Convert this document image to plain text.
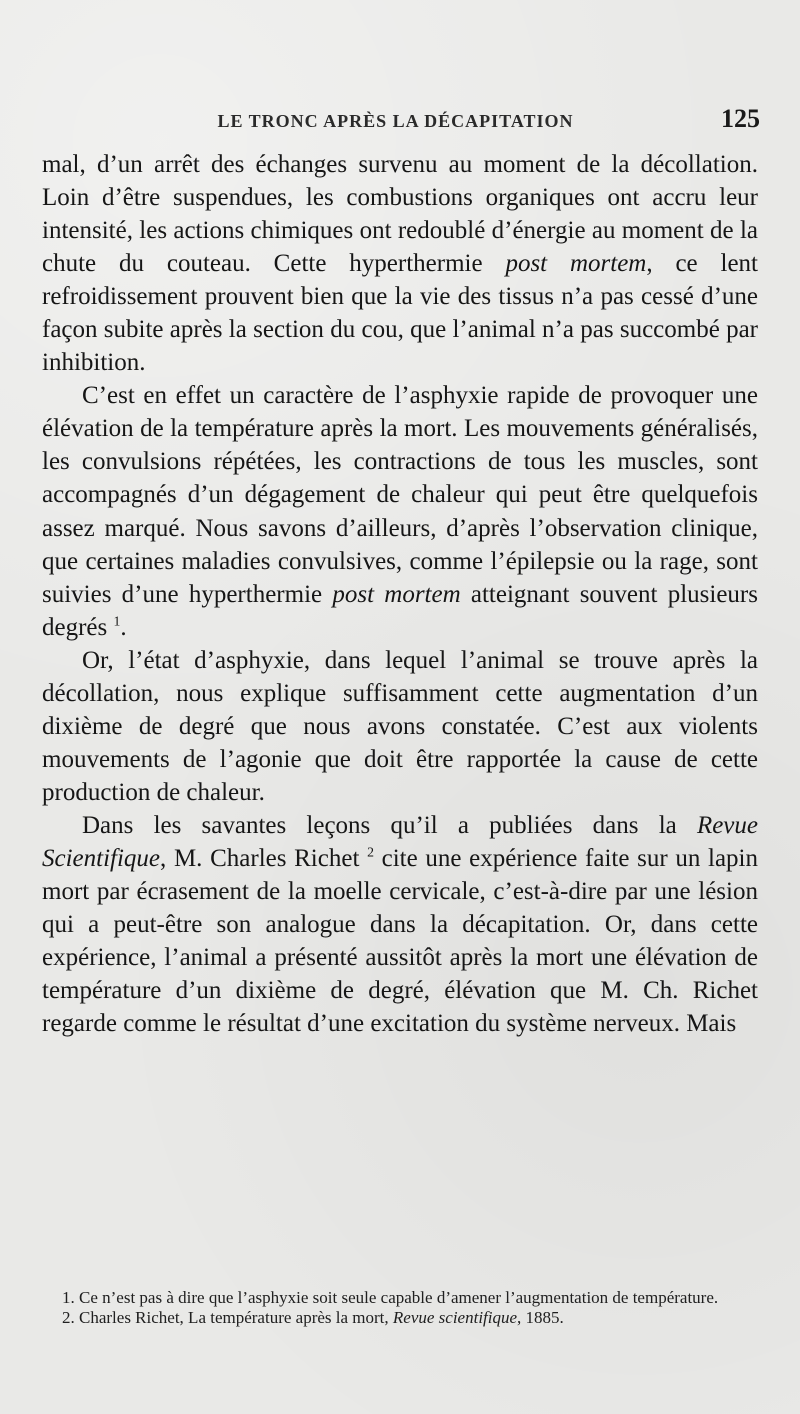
LE TRONC APRÈS LA DÉCAPITATION	125

mal, d’un arrêt des échanges survenu au moment de la décollation. Loin d’être suspendues, les combustions organiques ont accru leur intensité, les actions chimiques ont redoublé d’énergie au moment de la chute du couteau. Cette hyperthermie post mortem, ce lent refroidissement prouvent bien que la vie des tissus n’a pas cessé d’une façon subite après la section du cou, que l’animal n’a pas succombé par inhibition.

C’est en effet un caractère de l’asphyxie rapide de provoquer une élévation de la température après la mort. Les mouvements généralisés, les convulsions répétées, les contractions de tous les muscles, sont accompagnés d’un dégagement de chaleur qui peut être quelquefois assez marqué. Nous savons d’ailleurs, d’après l’observation clinique, que certaines maladies convulsives, comme l’épilepsie ou la rage, sont suivies d’une hyperthermie post mortem atteignant souvent plusieurs degrés $^1$.

Or, l’état d’asphyxie, dans lequel l’animal se trouve après la décollation, nous explique suffisamment cette augmentation d’un dixième de degré que nous avons constatée. C’est aux violents mouvements de l’agonie que doit être rapportée la cause de cette production de chaleur.

Dans les savantes leçons qu’il a publiées dans la Revue Scientifique, M. Charles Richet $^2$ cite une expérience faite sur un lapin mort par écrasement de la moelle cervicale, c’est-à-dire par une lésion qui a peut-être son analogue dans la décapitation. Or, dans cette expérience, l’animal a présenté aussitôt après la mort une élévation de température d’un dixième de degré, élévation que M. Ch. Richet regarde comme le résultat d’une excitation du système nerveux. Mais

1. Ce n’est pas à dire que l’asphyxie soit seule capable d’amener l’augmentation de température.

2. Charles Richet, La température après la mort, Revue scientifique, 1885.
